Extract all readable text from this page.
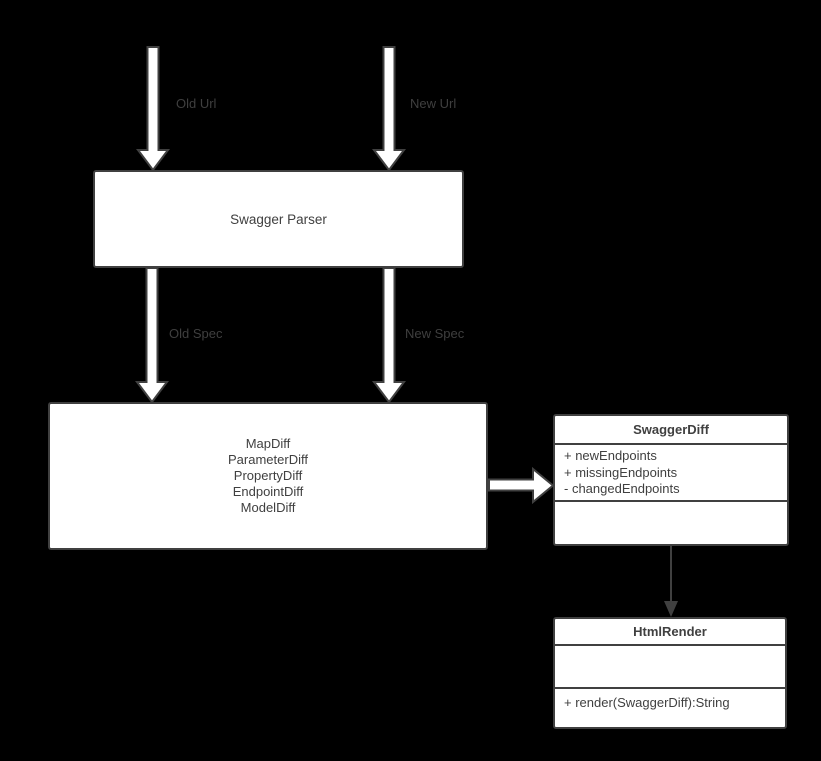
Old Url	New Url
Old Spec	New Spec
Swagger Parser
MapDiff
ParameterDiff
PropertyDiff
EndpointDiff
ModelDiff
SwaggerDiff
+ newEndpoints
+ missingEndpoints
- changedEndpoints
HtmlRender
+ render(SwaggerDiff):String
